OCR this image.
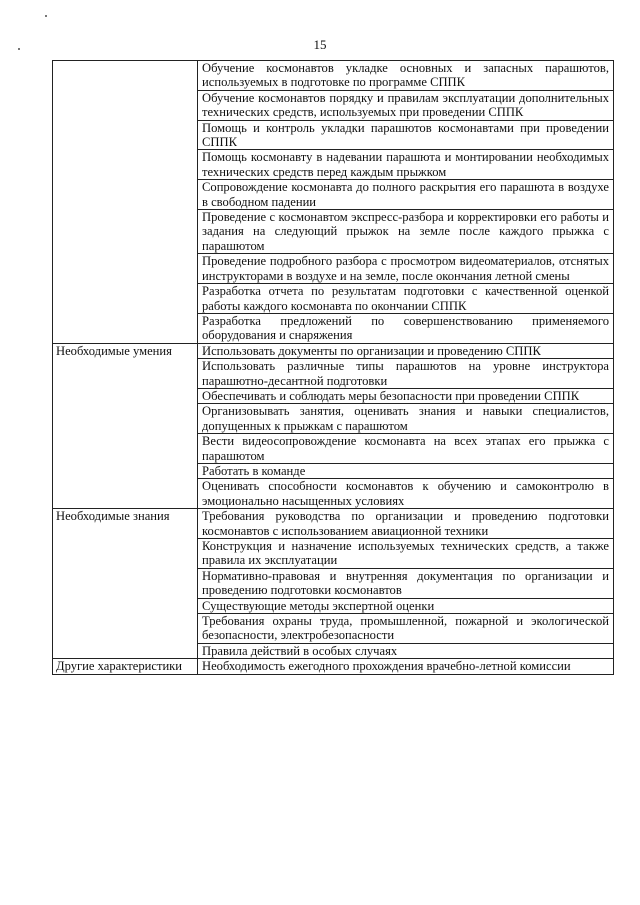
15
	Обучение космонавтов укладке основных и запасных парашютов, используемых в подготовке по программе СППК
	Обучение космонавтов порядку и правилам эксплуатации дополнительных технических средств, используемых при проведении СППК
	Помощь и контроль укладки парашютов космонавтами при проведении СППК
	Помощь космонавту в надевании парашюта и монтировании необходимых технических средств перед каждым прыжком
	Сопровождение космонавта до полного раскрытия его парашюта в воздухе в свободном падении
	Проведение с космонавтом экспресс-разбора и корректировки его работы и задания на следующий прыжок на земле после каждого прыжка с парашютом
	Проведение подробного разбора с просмотром видеоматериалов, отснятых инструкторами в воздухе и на земле, после окончания летной смены
	Разработка отчета по результатам подготовки с качественной оценкой работы каждого космонавта по окончании СППК
	Разработка предложений по совершенствованию применяемого оборудования и снаряжения
Необходимые умения	Использовать документы по организации и проведению СППК
	Использовать различные типы парашютов на уровне инструктора парашютно-десантной подготовки
	Обеспечивать и соблюдать меры безопасности при проведении СППК
	Организовывать занятия, оценивать знания и навыки специалистов, допущенных к прыжкам с парашютом
	Вести видеосопровождение космонавта на всех этапах его прыжка с парашютом
	Работать в команде
	Оценивать способности космонавтов к обучению и самоконтролю в эмоционально насыщенных условиях
Необходимые знания	Требования руководства по организации и проведению подготовки космонавтов с использованием авиационной техники
	Конструкция и назначение используемых технических средств, а также правила их эксплуатации
	Нормативно-правовая и внутренняя документация по организации и проведению подготовки космонавтов
	Существующие методы экспертной оценки
	Требования охраны труда, промышленной, пожарной и экологической безопасности, электробезопасности
	Правила действий в особых случаях
Другие характеристики	Необходимость ежегодного прохождения врачебно-летной комиссии
